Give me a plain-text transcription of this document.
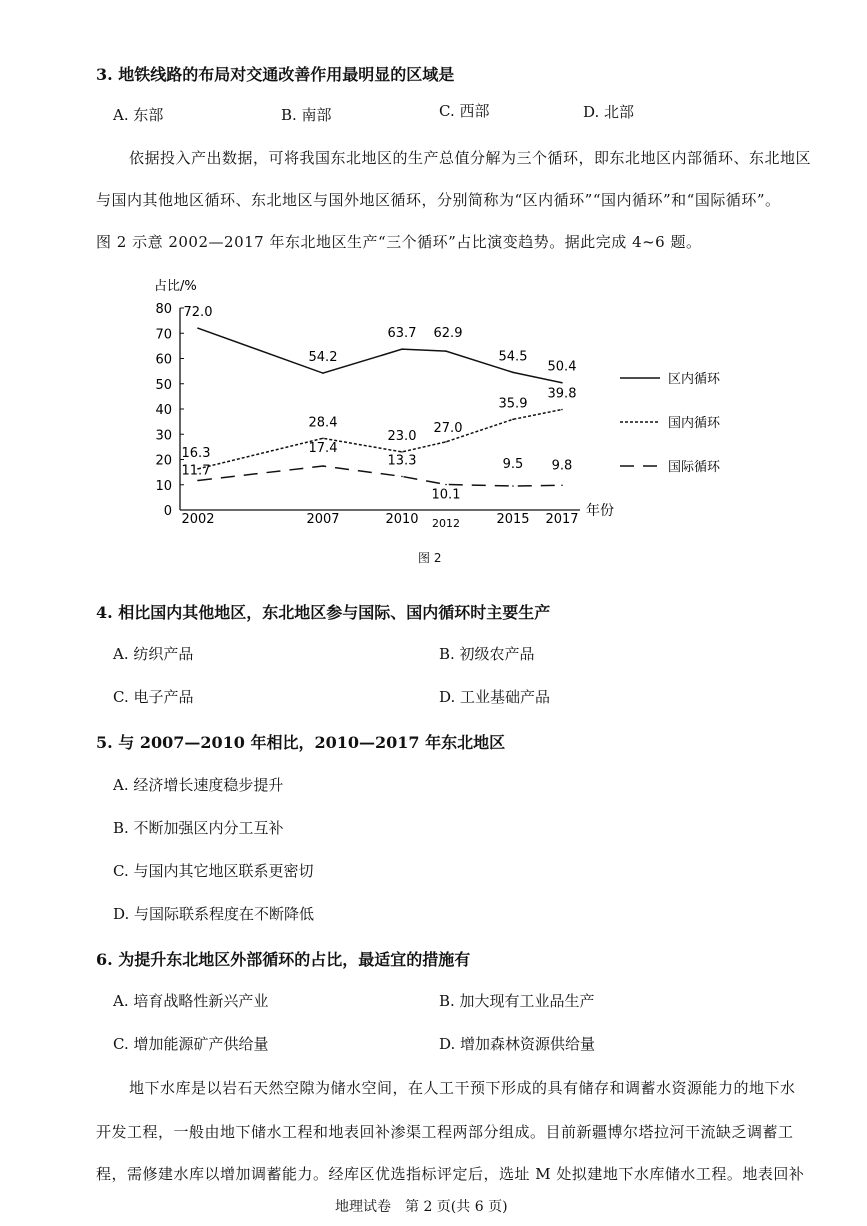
3. 地铁线路的布局对交通改善作用最明显的区域是
A. 东部	B. 南部	C. 西部	D. 北部
依据投入产出数据，可将我国东北地区的生产总值分解为三个循环，即东北地区内部循环、东北地区
与国内其他地区循环、东北地区与国外地区循环，分别简称为“区内循环”“国内循环”和“国际循环”。
图 2 示意 2002—2017 年东北地区生产“三个循环”占比演变趋势。据此完成 4~6 题。
占比/%
0
10
20
30
40
50
60
70
80
2002	2007	2010 2012	2015 2017
72.0
54.2
63.7 62.9
54.5
50.4
16.3
28.4
23.0
27.0
35.9
39.8
11.7
17.4
13.3
10.1
9.5 9.8
区内循环
国内循环
国际循环
年份
图 2
4. 相比国内其他地区，东北地区参与国际、国内循环时主要生产
A. 纺织产品	B. 初级农产品
C. 电子产品	D. 工业基础产品
5. 与 2007—2010 年相比，2010—2017 年东北地区
A. 经济增长速度稳步提升
B. 不断加强区内分工互补
C. 与国内其它地区联系更密切
D. 与国际联系程度在不断降低
6. 为提升东北地区外部循环的占比，最适宜的措施有
A. 培育战略性新兴产业	B. 加大现有工业品生产
C. 增加能源矿产供给量	D. 增加森林资源供给量
地下水库是以岩石天然空隙为储水空间，在人工干预下形成的具有储存和调蓄水资源能力的地下水
开发工程，一般由地下储水工程和地表回补渗渠工程两部分组成。目前新疆博尔塔拉河干流缺乏调蓄工
程，需修建水库以增加调蓄能力。经库区优选指标评定后，选址 M 处拟建地下水库储水工程。地表回补
地理试卷　第 2 页(共 6 页)
